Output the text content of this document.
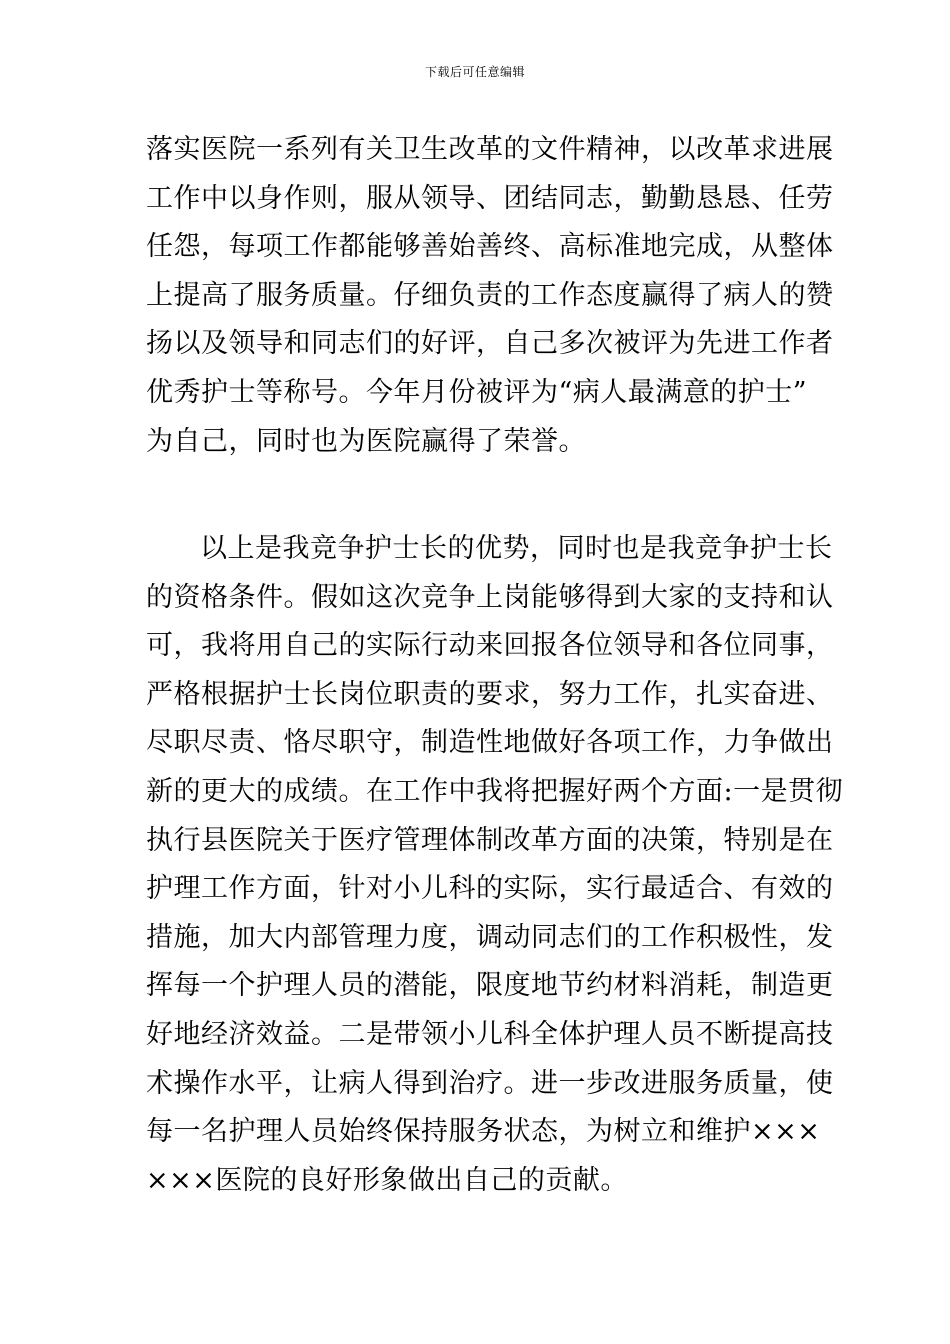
下载后可任意编辑
落实医院一系列有关卫生改革的文件精神，以改革求进展
工作中以身作则，服从领导、团结同志，勤勤恳恳、任劳
任怨，每项工作都能够善始善终、高标准地完成，从整体
上提高了服务质量。仔细负责的工作态度赢得了病人的赞
扬以及领导和同志们的好评，自己多次被评为先进工作者
优秀护士等称号。今年月份被评为“病人最满意的护士”
为自己，同时也为医院赢得了荣誉。
以上是我竞争护士长的优势，同时也是我竞争护士长
的资格条件。假如这次竞争上岗能够得到大家的支持和认
可，我将用自己的实际行动来回报各位领导和各位同事，
严格根据护士长岗位职责的要求，努力工作，扎实奋进、
尽职尽责、恪尽职守，制造性地做好各项工作，力争做出
新的更大的成绩。在工作中我将把握好两个方面:一是贯彻
执行县医院关于医疗管理体制改革方面的决策，特别是在
护理工作方面，针对小儿科的实际，实行最适合、有效的
措施，加大内部管理力度，调动同志们的工作积极性，发
挥每一个护理人员的潜能，限度地节约材料消耗，制造更
好地经济效益。二是带领小儿科全体护理人员不断提高技
术操作水平，让病人得到治疗。进一步改进服务质量，使
每一名护理人员始终保持服务状态，为树立和维护×××
×××医院的良好形象做出自己的贡献。
